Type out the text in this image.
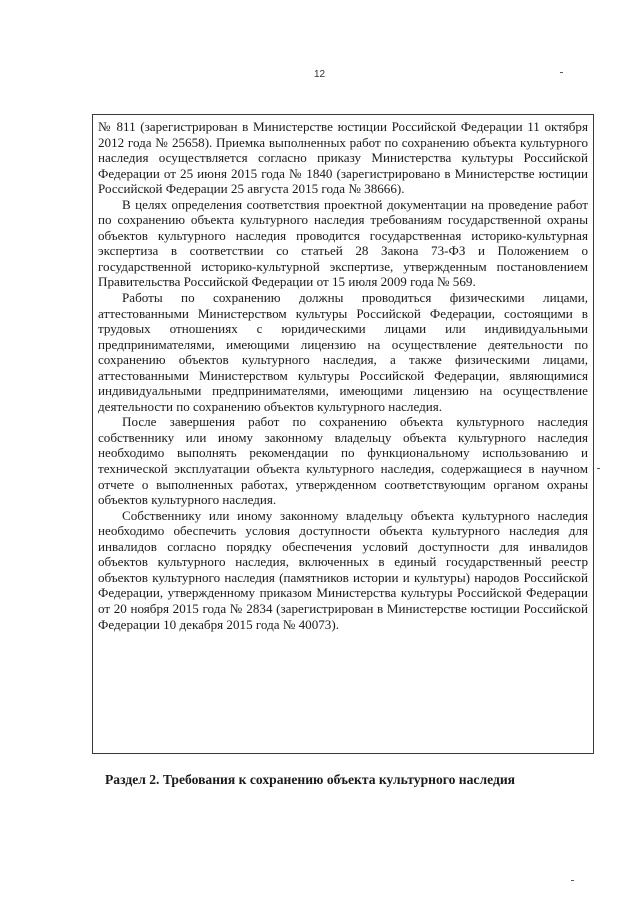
12

№ 811 (зарегистрирован в Министерстве юстиции Российской Федерации 11 октября 2012 года № 25658). Приемка выполненных работ по сохранению объекта культурного наследия осуществляется согласно приказу Министерства культуры Российской Федерации от 25 июня 2015 года № 1840 (зарегистрировано в Министерстве юстиции Российской Федерации 25 августа 2015 года № 38666).

В целях определения соответствия проектной документации на проведение работ по сохранению объекта культурного наследия требованиям государственной охраны объектов культурного наследия проводится государственная историко-культурная экспертиза в соответствии со статьей 28 Закона 73-ФЗ и Положением о государственной историко-культурной экспертизе, утвержденным постановлением Правительства Российской Федерации от 15 июля 2009 года № 569.

Работы по сохранению должны проводиться физическими лицами, аттестованными Министерством культуры Российской Федерации, состоящими в трудовых отношениях с юридическими лицами или индивидуальными предпринимателями, имеющими лицензию на осуществление деятельности по сохранению объектов культурного наследия, а также физическими лицами, аттестованными Министерством культуры Российской Федерации, являющимися индивидуальными предпринимателями, имеющими лицензию на осуществление деятельности по сохранению объектов культурного наследия.

После завершения работ по сохранению объекта культурного наследия собственнику или иному законному владельцу объекта культурного наследия необходимо выполнять рекомендации по функциональному использованию и технической эксплуатации объекта культурного наследия, содержащиеся в научном отчете о выполненных работах, утвержденном соответствующим органом охраны объектов культурного наследия.

Собственнику или иному законному владельцу объекта культурного наследия необходимо обеспечить условия доступности объекта культурного наследия для инвалидов согласно порядку обеспечения условий доступности для инвалидов объектов культурного наследия, включенных в единый государственный реестр объектов культурного наследия (памятников истории и культуры) народов Российской Федерации, утвержденному приказом Министерства культуры Российской Федерации от 20 ноября 2015 года № 2834 (зарегистрирован в Министерстве юстиции Российской Федерации 10 декабря 2015 года № 40073).

Раздел 2. Требования к сохранению объекта культурного наследия
